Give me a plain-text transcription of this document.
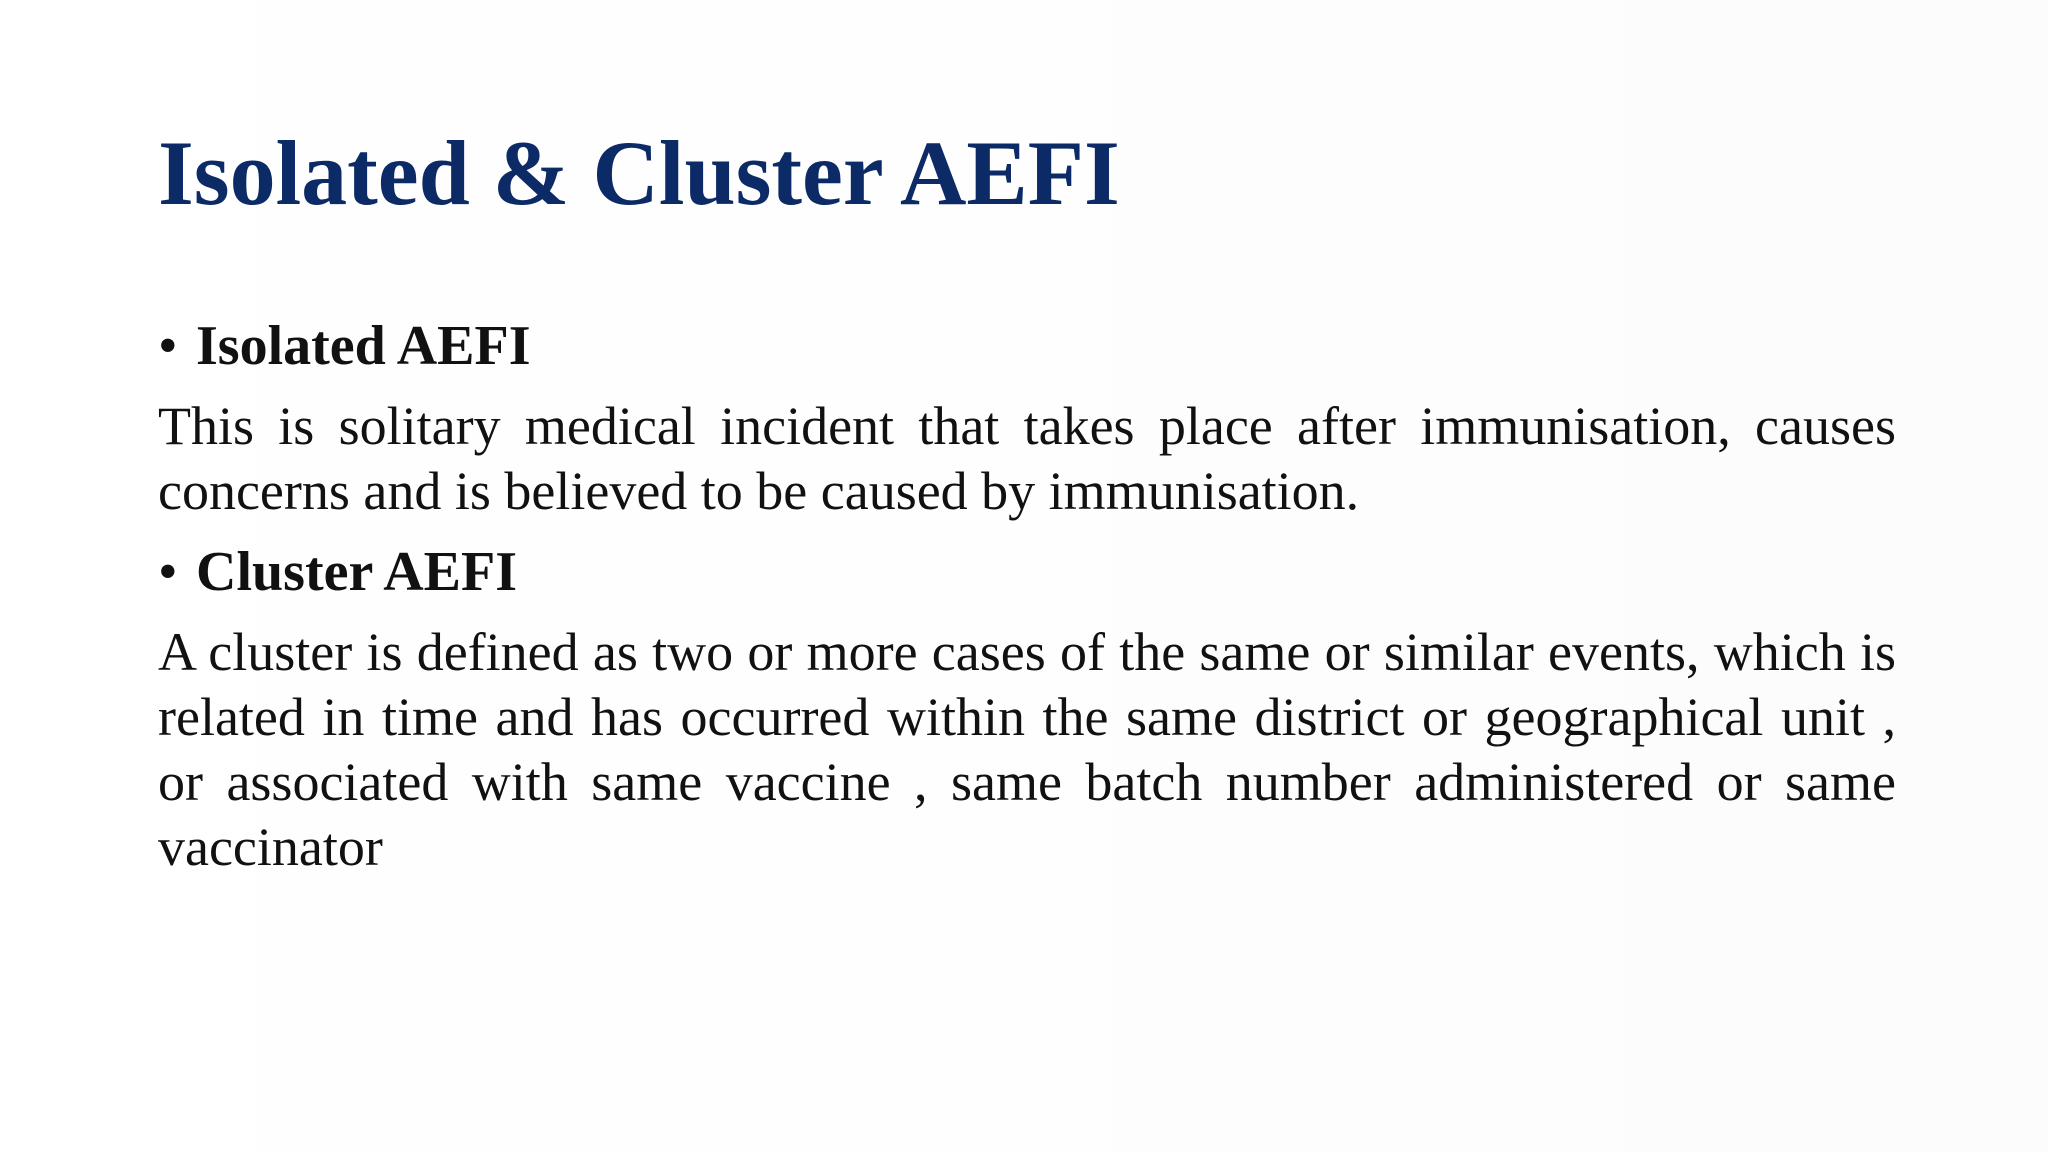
Isolated & Cluster AEFI
• Isolated AEFI

This is solitary medical incident that takes place after immunisation, causes concerns and is believed to be caused by immunisation.

• Cluster AEFI

A cluster is defined as two or more cases of the same or similar events, which is related in time and has occurred within the same district or geographical unit , or associated with same vaccine , same batch number administered or same vaccinator
